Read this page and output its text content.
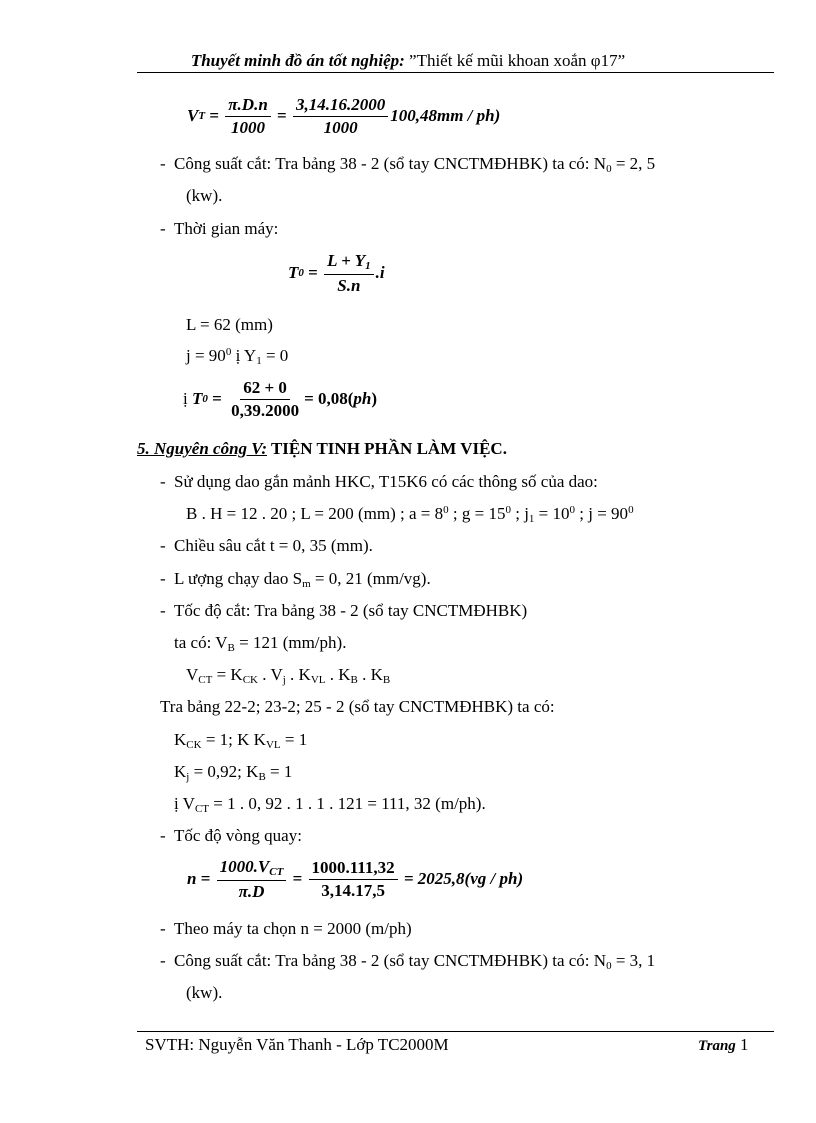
Thuyết minh đồ án tốt nghiệp: ”Thiết kế mũi khoan xoắn φ17”
V $T = \frac{\pi.D.n}{1000} = \frac{3,14.16.2000}{1000} 100,48mm / ph$)
- Công suất cắt: Tra bảng 38 - 2 (sổ tay CNCTMĐHBK) ta có: $N_0 = 2$, 5
(kw).
- Thời gian máy:
T $0 = \frac{L + Y_1}{S.n} .i$
L = 62 (mm)
$j = 90^0$ ị $Y_1 = 0$
ị
T $0 = \frac{62 + 0}{0,39.2000} = 0,08$( ph )
5. Nguyên công V: TIỆN TINH PHẦN LÀM VIỆC.
- Sử dụng dao gắn mảnh HKC, T15K6 có các thông số của dao:
B . H = 12 . 20 ; L = 200 (mm) ; $a = 8^0$ ; $g = 15^0$ ; $j_1 = 10^0$ ; $j = 90^0$
- Chiều sâu cắt t = 0, 35 (mm).
- L ượng chạy dao $S_m = 0$, 21 (mm/vg).
- Tốc độ cắt: Tra bảng 38 - 2 (sổ tay CNCTMĐHBK)
ta có: $V_B = 121$ (mm/ph).
$V_{CT} = K_{CK}$ . $V_j$ . $K_{VL}$ . $K_B$ . $K_B$
Tra bảng 22-2; 23-2; 25 - 2 (sổ tay CNCTMĐHBK) ta có:
$K_{CK} = 1$; K $K_{VL} = 1$
$K_j = 0,92$; $K_B = 1$
ị $V_{CT} = 1$ . 0, 92 . 1 . 1 . 121 = 111, 32 (m/ph).
- Tốc độ vòng quay:
$n = \frac{1000.V_{CT}}{\pi.D} = \frac{1000.111,32}{3,14.17,5}$
= 2025,8(vg / ph)
- Theo máy ta chọn n = 2000 (m/ph)
- Công suất cắt: Tra bảng 38 - 2 (sổ tay CNCTMĐHBK) ta có: $N_0 = 3$, 1
(kw).
SVTH: Nguyễn Văn Thanh - Lớp TC2000M	Trang 1
